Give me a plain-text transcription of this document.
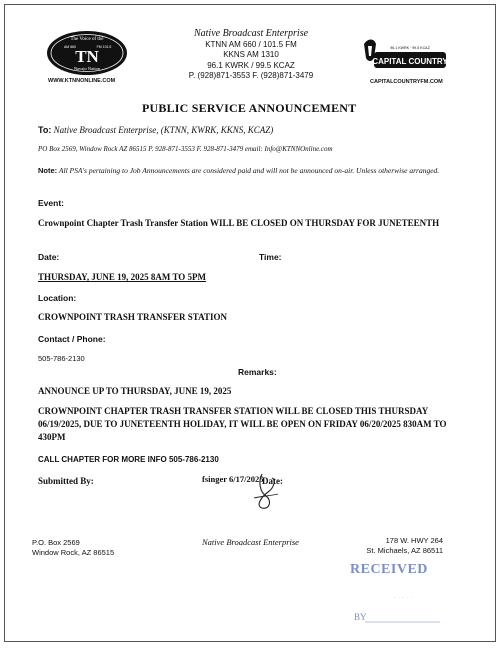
The Voice of the
AM 660	FM 101.5
TN
Navajo Nation
WWW.KTNNONLINE.COM
Native Broadcast Enterprise
KTNN AM 660 / 101.5 FM
KKNS AM 1310
96.1 KWRK / 99.5 KCAZ
P. (928)871-3553 F. (928)871-3479
96.1 KWRK · 99.5 KCAZ
CAPITAL COUNTRY
CAPITALCOUNTRYFM.COM
PUBLIC SERVICE ANNOUNCEMENT
To: Native Broadcast Enterprise, (KTNN, KWRK, KKNS, KCAZ)
PO Box 2569, Window Rock AZ 86515 P. 928-871-3553 F. 928-871-3479 email: Info@KTNNOnline.com
Note: All PSA's pertaining to Job Announcements are considered paid and will not be announced on-air. Unless otherwise arranged.
Event:
Crownpoint Chapter Trash Transfer Station WILL BE CLOSED ON THURSDAY FOR JUNETEENTH
Date:	Time:
THURSDAY, JUNE 19, 2025 8AM TO 5PM
Location:
CROWNPOINT TRASH TRANSFER STATION
Contact / Phone:
505-786-2130
Remarks:
ANNOUNCE UP TO THURSDAY, JUNE 19, 2025
CROWNPOINT CHAPTER TRASH TRANSFER STATION WILL BE CLOSED THIS THURSDAY 06/19/2025, DUE TO JUNETEENTH HOLIDAY, IT WILL BE OPEN ON FRIDAY 06/20/2025 830AM TO 430PM
CALL CHAPTER FOR MORE INFO 505-786-2130
Submitted By:	fsinger 6/17/2025
Date:
P.O. Box 2569
Window Rock, AZ 86515
Native Broadcast Enterprise	178 W. HWY 264
St. Michaels, AZ 86511
· · · · ·
RECEIVED
BY
